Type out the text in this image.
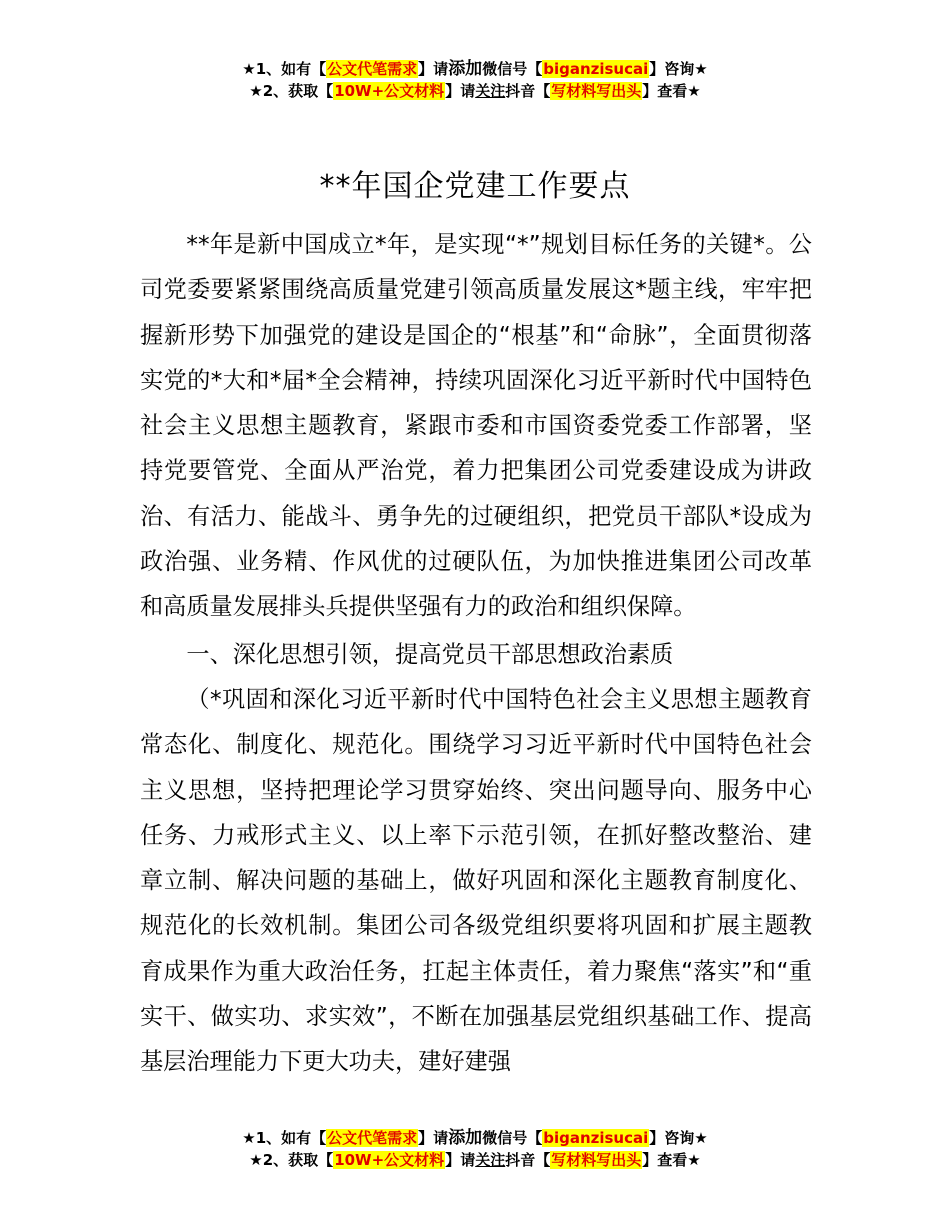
★1、如有【公文代笔需求】请添加微信号【biganzisucai】咨询★
★2、获取【10W+公文材料】请关注抖音【写材料写出头】查看★
**年国企党建工作要点

**年是新中国成立*年，是实现“*”规划目标任务的关键*。公司党委要紧紧围绕高质量党建引领高质量发展这*题主线，牢牢把握新形势下加强党的建设是国企的“根基”和“命脉”，全面贯彻落实党的*大和*届*全会精神，持续巩固深化习近平新时代中国特色社会主义思想主题教育，紧跟市委和市国资委党委工作部署，坚持党要管党、全面从严治党，着力把集团公司党委建设成为讲政治、有活力、能战斗、勇争先的过硬组织，把党员干部队*设成为政治强、业务精、作风优的过硬队伍，为加快推进集团公司改革和高质量发展排头兵提供坚强有力的政治和组织保障。

一、深化思想引领，提高党员干部思想政治素质

（*巩固和深化习近平新时代中国特色社会主义思想主题教育常态化、制度化、规范化。围绕学习习近平新时代中国特色社会主义思想，坚持把理论学习贯穿始终、突出问题导向、服务中心任务、力戒形式主义、以上率下示范引领，在抓好整改整治、建章立制、解决问题的基础上，做好巩固和深化主题教育制度化、规范化的长效机制。集团公司各级党组织要将巩固和扩展主题教育成果作为重大政治任务，扛起主体责任，着力聚焦“落实”和“重实干、做实功、求实效”，不断在加强基层党组织基础工作、提高基层治理能力下更大功夫，建好建强

★1、如有【公文代笔需求】请添加微信号【biganzisucai】咨询★
★2、获取【10W+公文材料】请关注抖音【写材料写出头】查看★
